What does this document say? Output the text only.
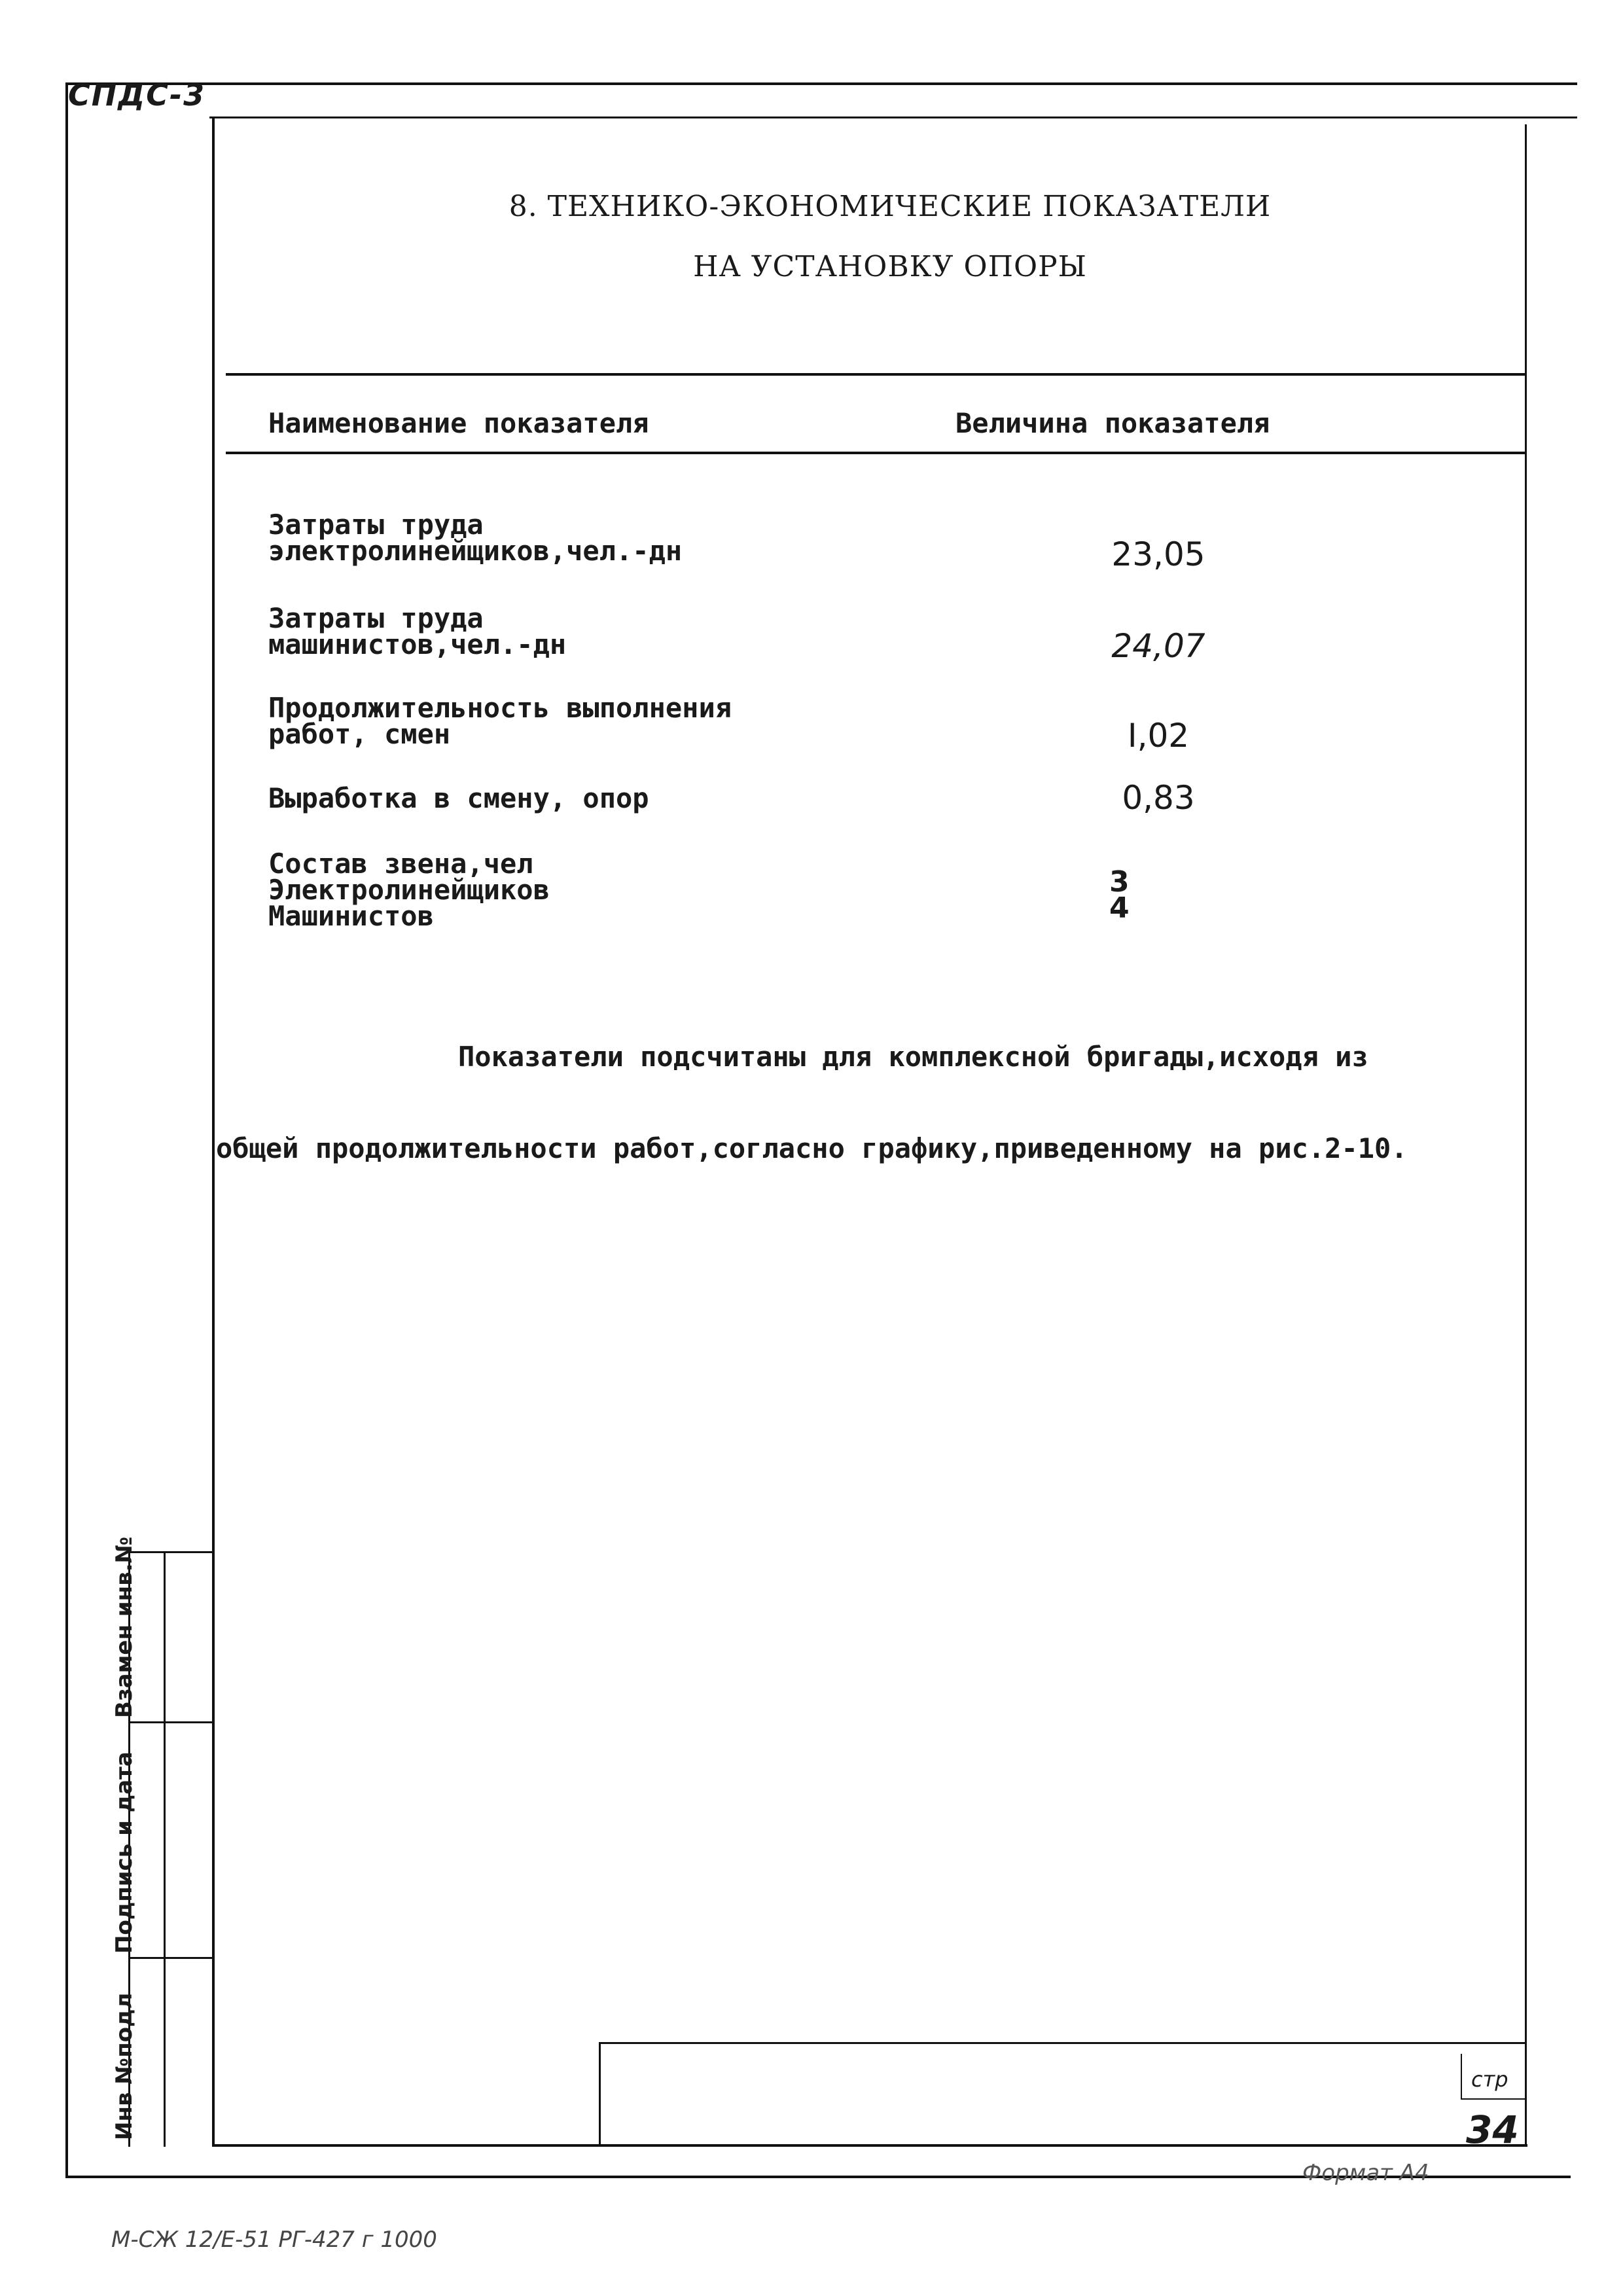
СПДС-3
8. ТЕХНИКО-ЭКОНОМИЧЕСКИЕ ПОКАЗАТЕЛИ
НА УСТАНОВКУ ОПОРЫ
Наименование показателя	Величина показателя
Затраты труда
электролинейщиков,чел.-дн	23,05
Затраты труда
машинистов,чел.-дн	24,07
Продолжительность выполнения
работ, смен	I,02
Выработка в смену, опор	0,83
Состав звена,чел
Электролинейщиков	3
Машинистов	4
Показатели подсчитаны для комплексной бригады,исходя из
общей продолжительности работ,согласно графику,приведенному на рис.2-10.
Инв №подл
Подпись и дата
Взамен инв.№
стр
34
Формат А4
М-СЖ 12/Е-51 РГ-427 г 1000
